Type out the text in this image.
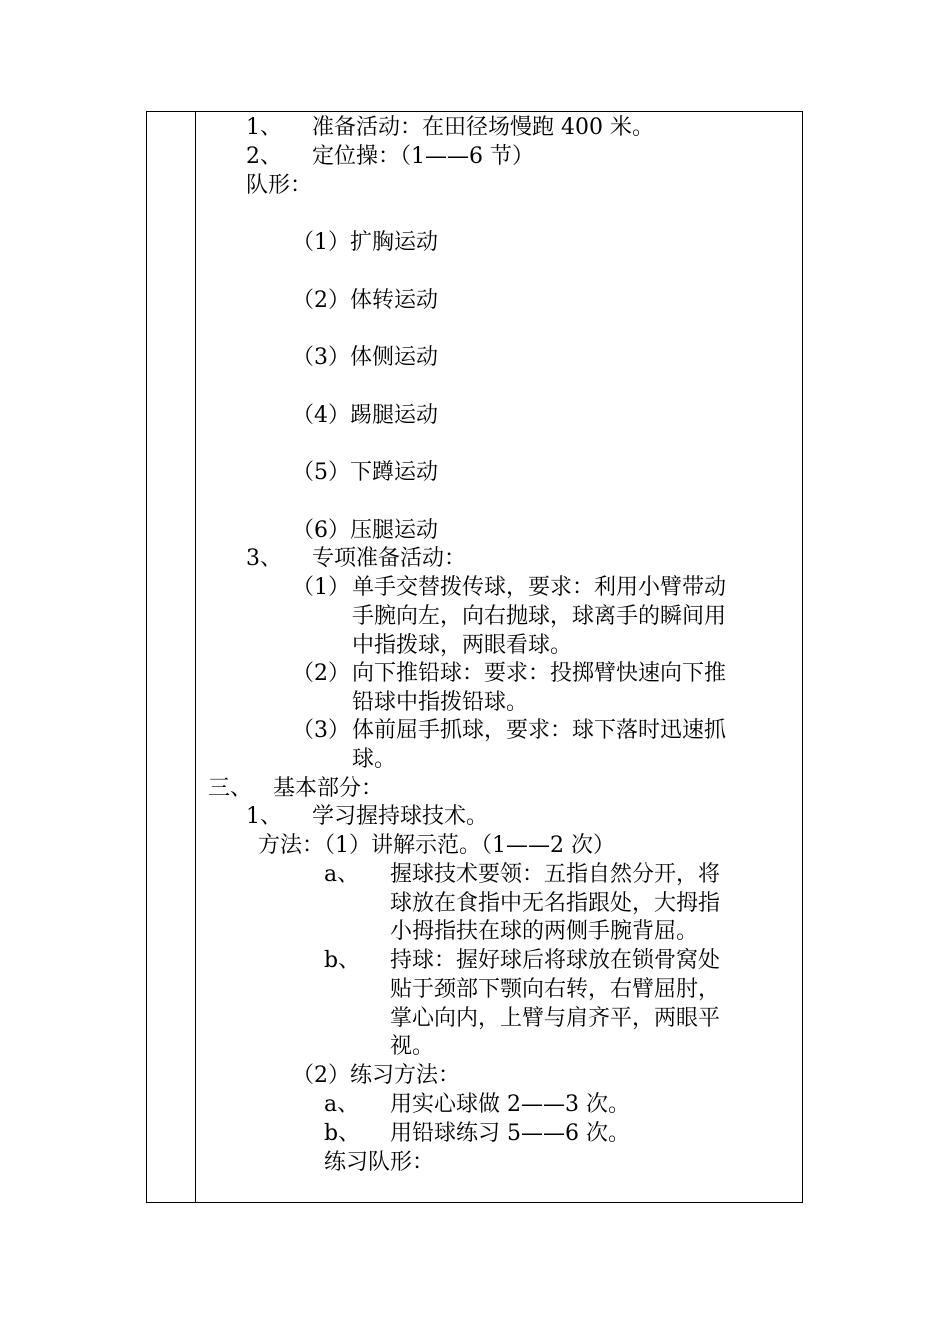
1、 准备活动：在田径场慢跑 400 米。
2、 定位操：（1——6 节）
队形：
（1）扩胸运动
（2）体转运动
（3）体侧运动
（4）踢腿运动
（5）下蹲运动
（6）压腿运动
3、 专项准备活动：
（1） 单手交替拨传球，要求：利用小臂带动
手腕向左，向右抛球，球离手的瞬间用
中指拨球，两眼看球。
（2） 向下推铅球：要求：投掷臂快速向下推
铅球中指拨铅球。
（3） 体前屈手抓球，要求：球下落时迅速抓
球。
三、 基本部分：
1、 学习握持球技术。
方法：（1）讲解示范。（1——2 次）
a、 握球技术要领：五指自然分开，将
球放在食指中无名指跟处，大拇指
小拇指扶在球的两侧手腕背屈。
b、 持球：握好球后将球放在锁骨窝处
贴于颈部下颚向右转，右臂屈肘，
掌心向内，上臂与肩齐平，两眼平
视。
（2）练习方法：
a、 用实心球做 2——3 次。
b、 用铅球练习 5——6 次。
练习队形：
